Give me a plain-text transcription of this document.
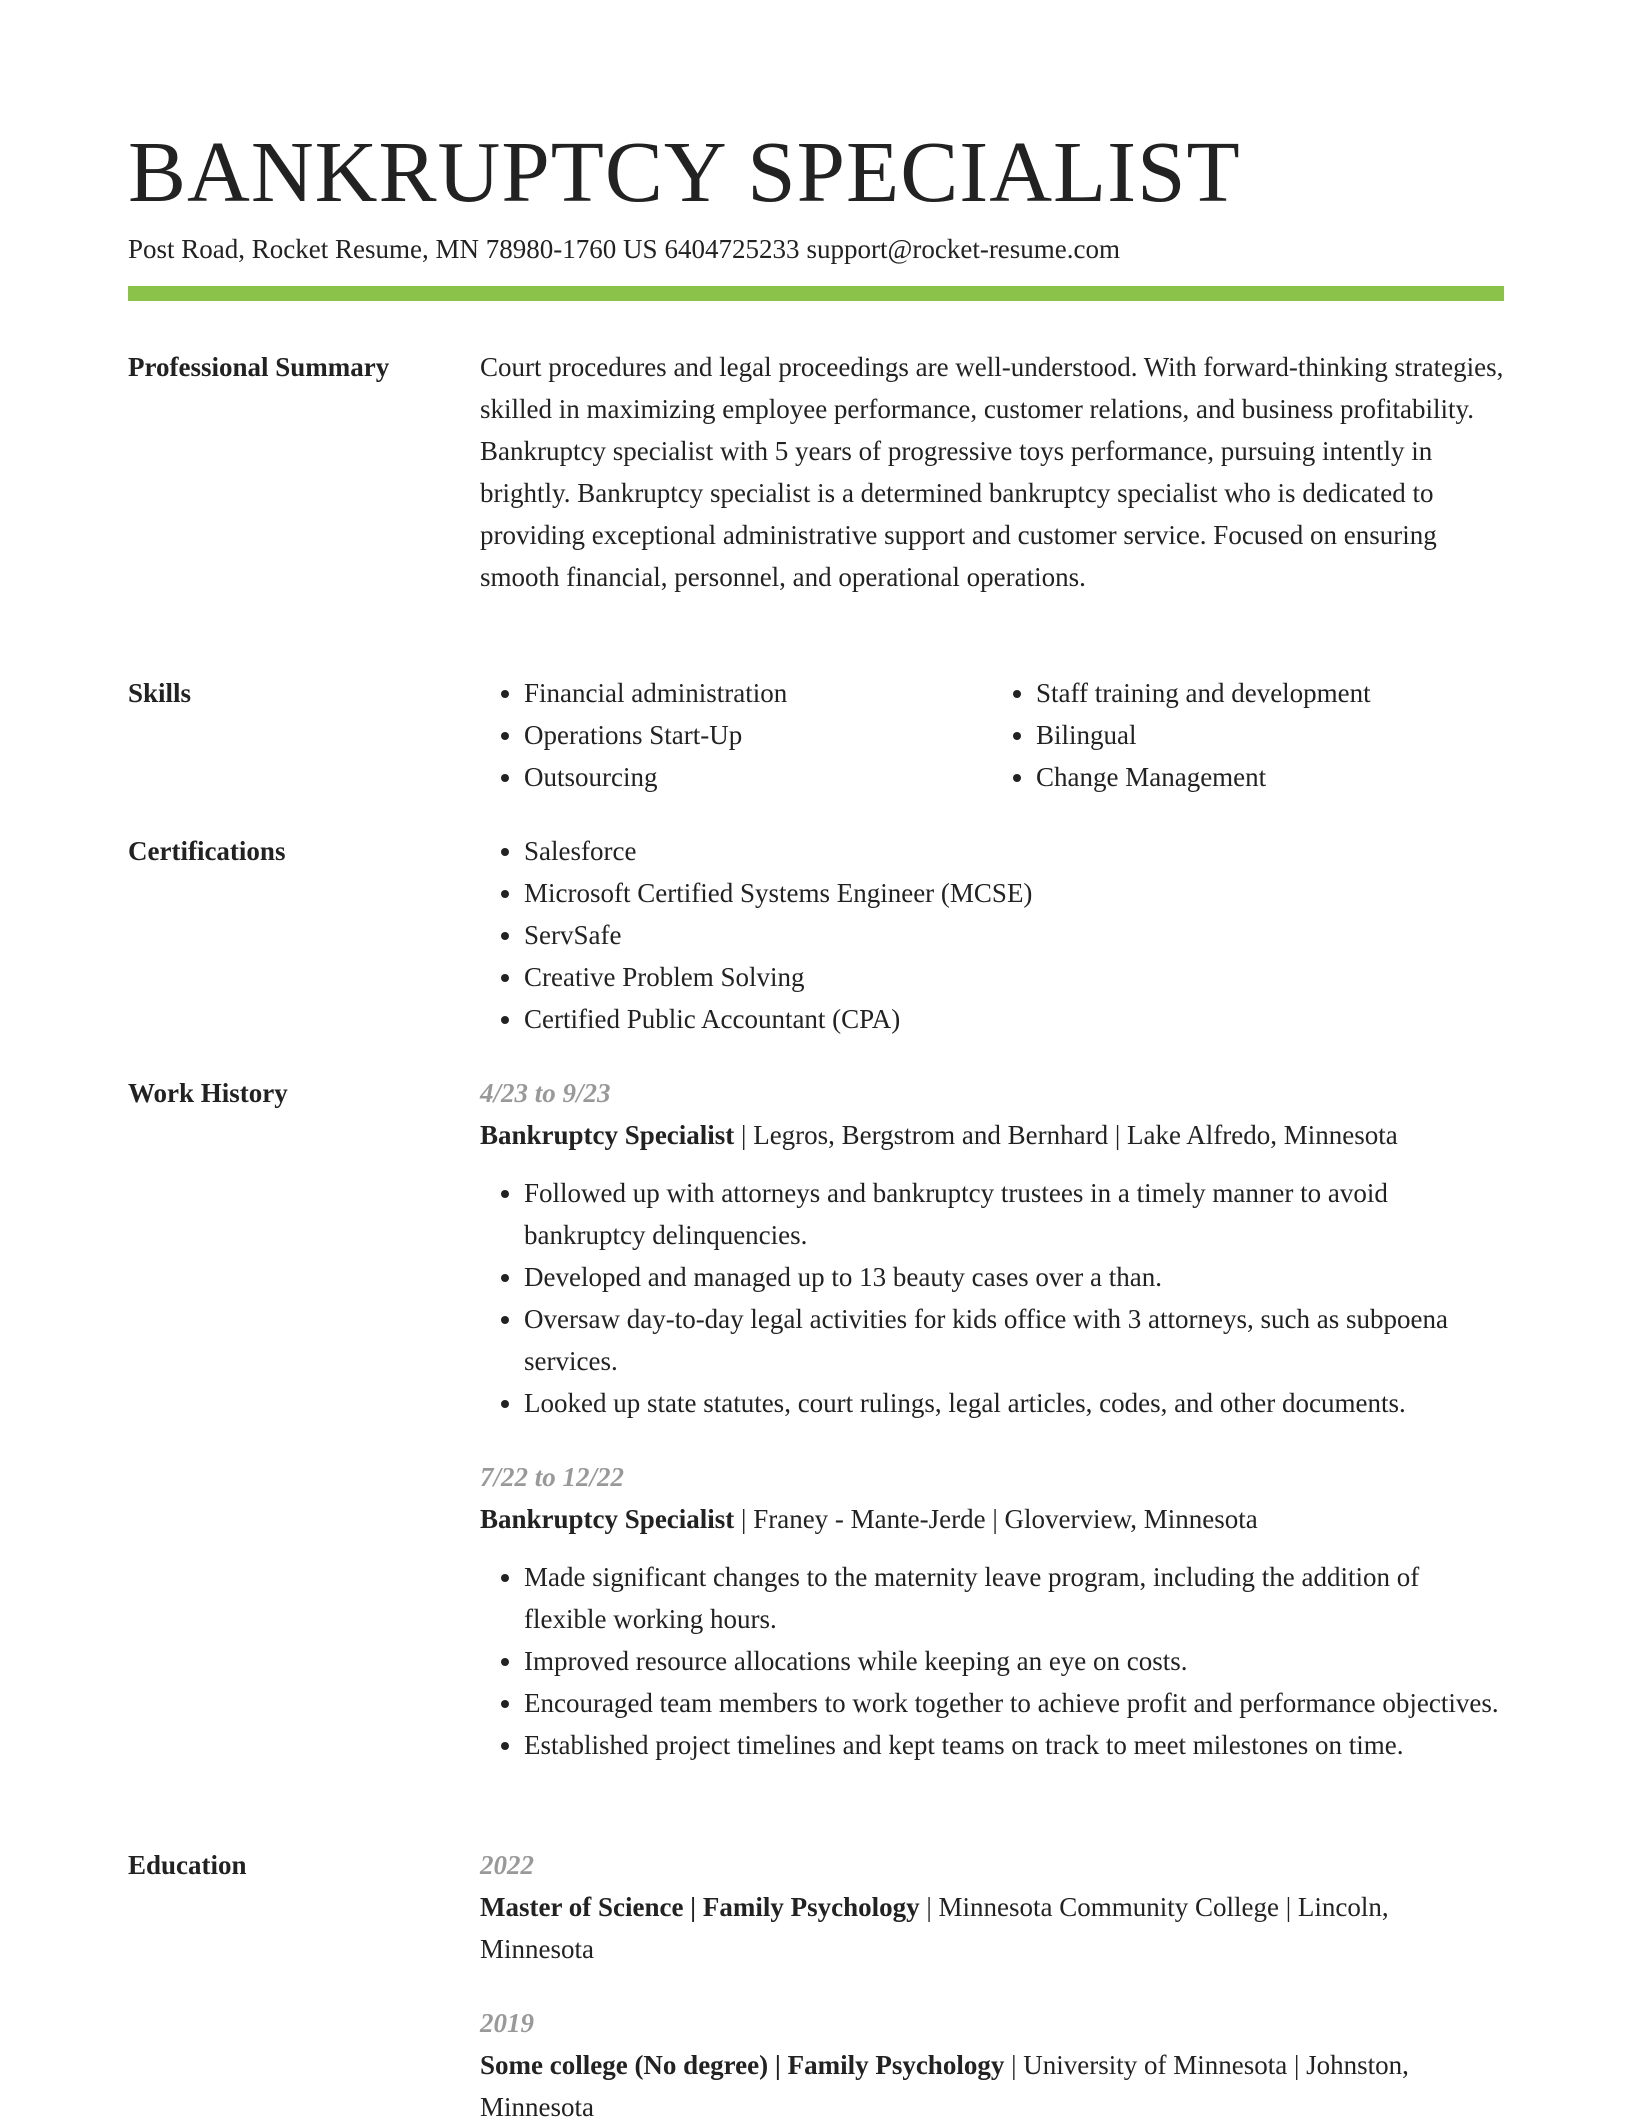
BANKRUPTCY SPECIALIST
Post Road, Rocket Resume, MN 78980-1760 US 6404725233 support@rocket-resume.com
Professional Summary	Court procedures and legal proceedings are well-understood. With forward-thinking strategies, skilled in maximizing employee performance, customer relations, and business profitability. Bankruptcy specialist with 5 years of progressive toys performance, pursuing intently in brightly. Bankruptcy specialist is a determined bankruptcy specialist who is dedicated to providing exceptional administrative support and customer service. Focused on ensuring smooth financial, personnel, and operational operations.

Skills	• Financial administration
• Operations Start-Up
• Outsourcing
• Staff training and development
• Bilingual
• Change Management
Certifications	• Salesforce
• Microsoft Certified Systems Engineer (MCSE)
• ServSafe
• Creative Problem Solving
• Certified Public Accountant (CPA)
Work History	4/23 to 9/23
Bankruptcy Specialist | Legros, Bergstrom and Bernhard | Lake Alfredo, Minnesota
• Followed up with attorneys and bankruptcy trustees in a timely manner to avoid bankruptcy delinquencies.
• Developed and managed up to 13 beauty cases over a than.
• Oversaw day-to-day legal activities for kids office with 3 attorneys, such as subpoena services.
• Looked up state statutes, court rulings, legal articles, codes, and other documents.
7/22 to 12/22
Bankruptcy Specialist | Franey - Mante-Jerde | Gloverview, Minnesota
• Made significant changes to the maternity leave program, including the addition of flexible working hours.
• Improved resource allocations while keeping an eye on costs.
• Encouraged team members to work together to achieve profit and performance objectives.
• Established project timelines and kept teams on track to meet milestones on time.
Education	2022
Master of Science | Family Psychology | Minnesota Community College | Lincoln, Minnesota
2019
Some college (No degree) | Family Psychology | University of Minnesota | Johnston, Minnesota
